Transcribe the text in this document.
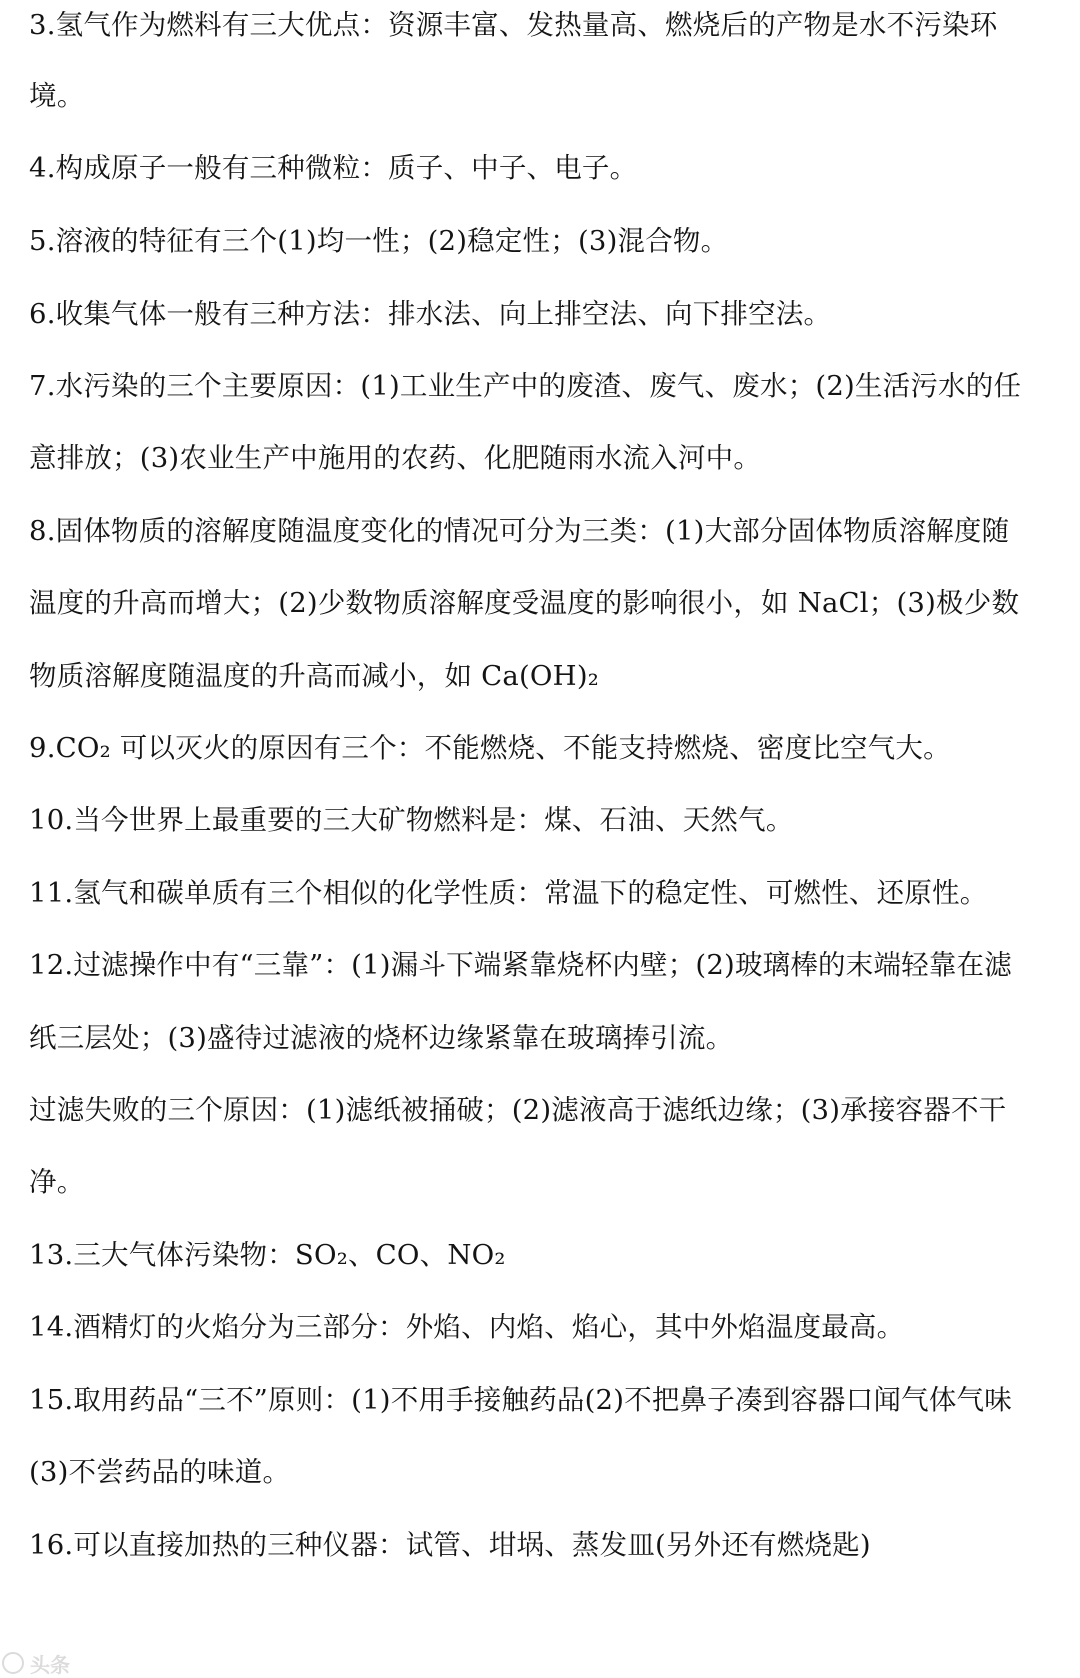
3.氢气作为燃料有三大优点：资源丰富、发热量高、燃烧后的产物是水不污染环
境。
4.构成原子一般有三种微粒：质子、中子、电子。
5.溶液的特征有三个(1)均一性；(2)稳定性；(3)混合物。
6.收集气体一般有三种方法：排水法、向上排空法、向下排空法。
7.水污染的三个主要原因：(1)工业生产中的废渣、废气、废水；(2)生活污水的任
意排放；(3)农业生产中施用的农药、化肥随雨水流入河中。
8.固体物质的溶解度随温度变化的情况可分为三类：(1)大部分固体物质溶解度随
温度的升高而增大；(2)少数物质溶解度受温度的影响很小，如 NaCl；(3)极少数
物质溶解度随温度的升高而减小，如 Ca(OH)₂
9.CO₂ 可以灭火的原因有三个：不能燃烧、不能支持燃烧、密度比空气大。
10.当今世界上最重要的三大矿物燃料是：煤、石油、天然气。
11.氢气和碳单质有三个相似的化学性质：常温下的稳定性、可燃性、还原性。
12.过滤操作中有“三靠”：(1)漏斗下端紧靠烧杯内壁；(2)玻璃棒的末端轻靠在滤
纸三层处；(3)盛待过滤液的烧杯边缘紧靠在玻璃捧引流。
过滤失败的三个原因：(1)滤纸被捅破；(2)滤液高于滤纸边缘；(3)承接容器不干
净。
13.三大气体污染物：SO₂、CO、NO₂
14.酒精灯的火焰分为三部分：外焰、内焰、焰心，其中外焰温度最高。
15.取用药品“三不”原则：(1)不用手接触药品(2)不把鼻子凑到容器口闻气体气味
(3)不尝药品的味道。
16.可以直接加热的三种仪器：试管、坩埚、蒸发皿(另外还有燃烧匙)
头条
